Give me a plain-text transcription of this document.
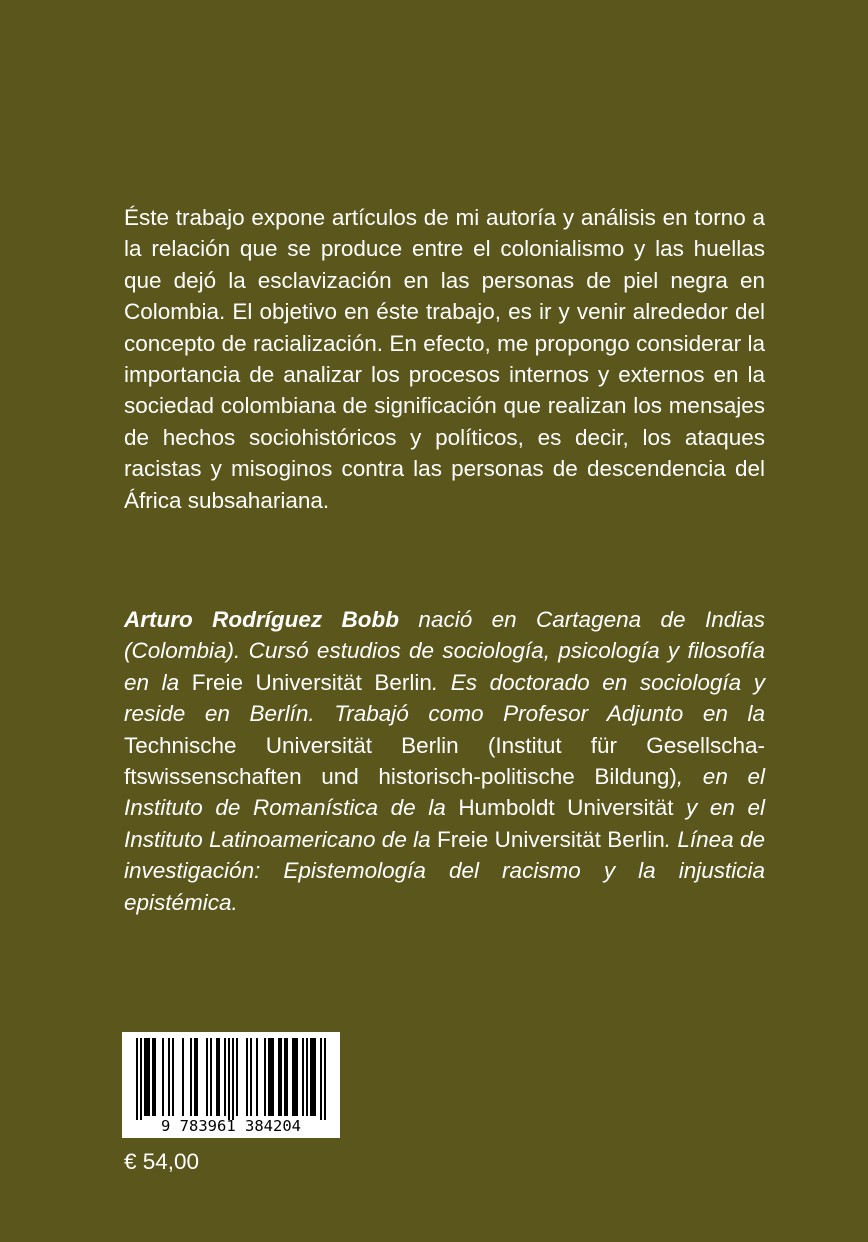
Éste trabajo expone artículos de mi autoría y análisis en torno a la relación que se produce entre el colonialismo y las huellas que dejó la esclavización en las personas de piel negra en Colombia. El objetivo en éste trabajo, es ir y venir alrededor del concepto de racialización. En efecto, me propongo considerar la importancia de analizar los procesos internos y externos en la sociedad colombiana de significación que realizan los mensajes de hechos sociohistóricos y políticos, es decir, los ataques racistas y misoginos contra las personas de descendencia del África subsahariana.

Arturo Rodríguez Bobb nació en Cartagena de Indias (Colombia). Cursó estudios de sociología, psicología y filosofía en la Freie Universität Berlin. Es doctorado en sociología y reside en Berlín. Trabajó como Profesor Adjunto en la Technische Universität Berlin (Institut für Gesellschaftswissenschaften und historisch-politische Bildung), en el Instituto de Romanística de la Humboldt Universität y en el Instituto Latinoamericano de la Freie Universität Berlin. Línea de investigación: Epistemología del racismo y la injusticia epistémica.

9 783961 384204
€ 54,00
